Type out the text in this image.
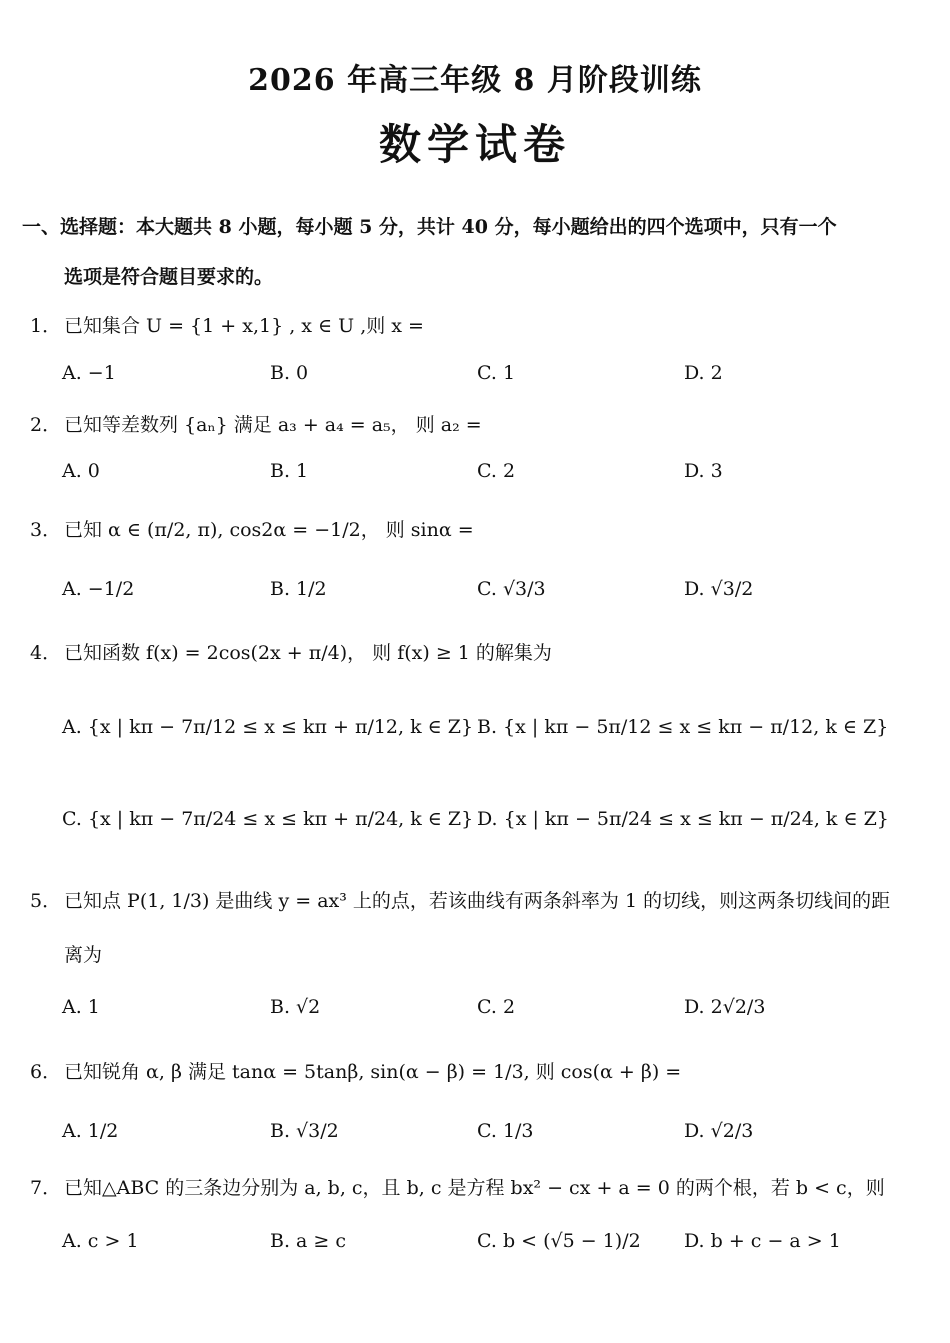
2026 年高三年级 8 月阶段训练
数学试卷
一、选择题：本大题共 8 小题，每小题 5 分，共计 40 分，每小题给出的四个选项中，只有一个
选项是符合题目要求的。
1． 已知集合 U = {1 + x,1} , x ∈ U ,则 x =
A. −1	B. 0	C. 1	D. 2
2． 已知等差数列 {aₙ} 满足 a₃ + a₄ = a₅， 则 a₂ =
A. 0	B. 1	C. 2	D. 3
3． 已知 α ∈ (π/2, π), cos2α = −1/2， 则 sinα =
A. −1/2	B. 1/2	C. √3/3	D. √3/2
4． 已知函数 f(x) = 2cos(2x + π/4)， 则 f(x) ≥ 1 的解集为
A. {x | kπ − 7π/12 ≤ x ≤ kπ + π/12, k ∈ Z} B. {x | kπ − 5π/12 ≤ x ≤ kπ − π/12, k ∈ Z}
C. {x | kπ − 7π/24 ≤ x ≤ kπ + π/24, k ∈ Z} D. {x | kπ − 5π/24 ≤ x ≤ kπ − π/24, k ∈ Z}
5． 已知点 P(1, 1/3) 是曲线 y = ax³ 上的点，若该曲线有两条斜率为 1 的切线，则这两条切线间的距
离为
A. 1	B. √2	C. 2	D. 2√2/3
6． 已知锐角 α, β 满足 tanα = 5tanβ, sin(α − β) = 1/3, 则 cos(α + β) =
A. 1/2	B. √3/2	C. 1/3	D. √2/3
7． 已知△ABC 的三条边分别为 a, b, c，且 b, c 是方程 bx² − cx + a = 0 的两个根，若 b < c，则
A. c > 1	B. a ≥ c	C. b < (√5 − 1)/2 D. b + c − a > 1
